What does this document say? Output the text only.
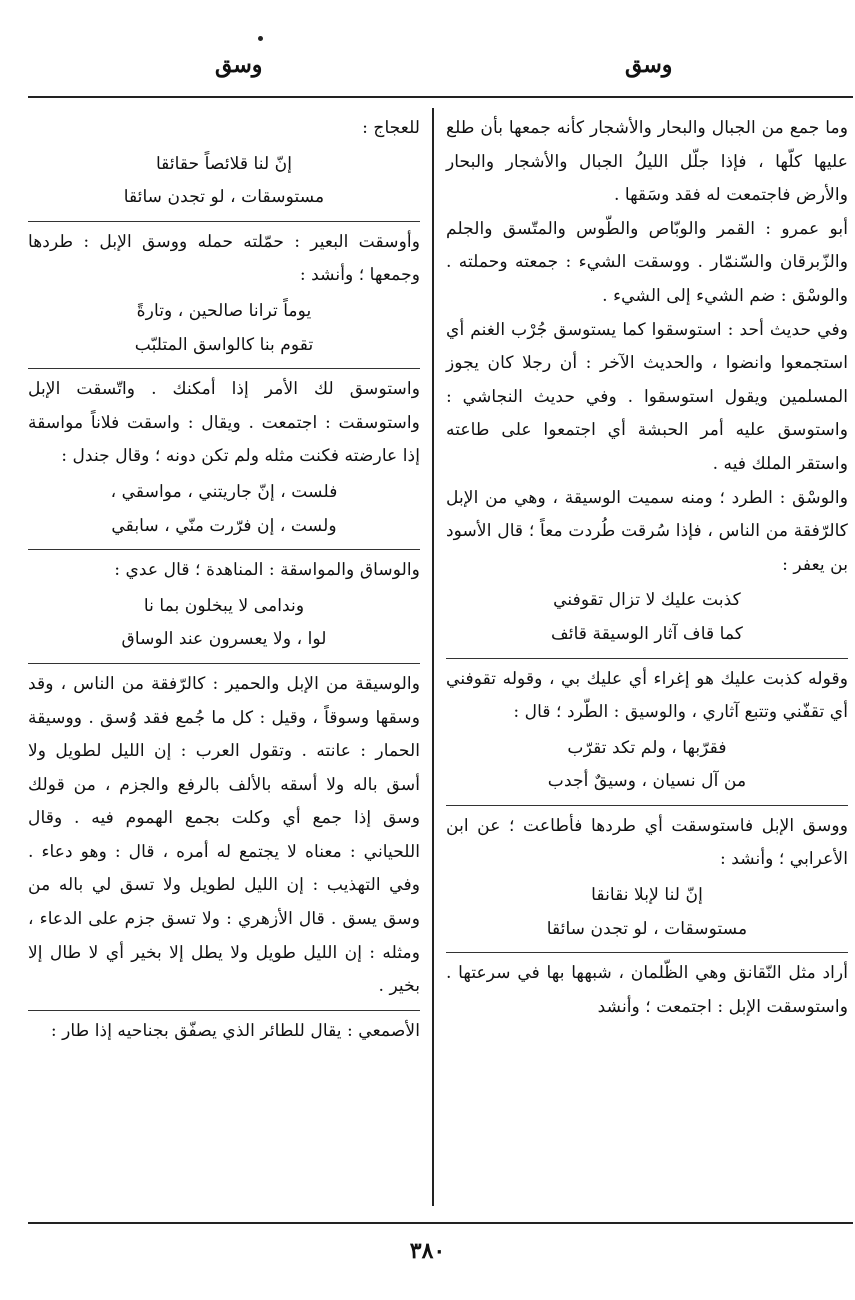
وسق
وسق

وما جمع من الجبال والبحار والأشجار كأنه جمعها بأن طلع عليها كلّها ، فإذا جلّل الليلُ الجبال والأشجار والبحار والأرض فاجتمعت له فقد وسَقها .

أبو عمرو : القمر والوبّاص والطّوس والمتّسق والجلم والزّبرقان والسّنمّار . ووسقت الشيء : جمعته وحملته . والوسْق : ضم الشيء إلى الشيء .

وفي حديث أحد : استوسقوا كما يستوسق جُرْب الغنم أي استجمعوا وانضوا ، والحديث الآخر : أن رجلا كان يجوز المسلمين ويقول استوسقوا . وفي حديث النجاشي : واستوسق عليه أمر الحبشة أي اجتمعوا على طاعته واستقر الملك فيه .

والوسْق : الطرد ؛ ومنه سميت الوسيقة ، وهي من الإبل كالرّفقة من الناس ، فإذا سُرقت طُردت معاً ؛ قال الأسود بن يعفر :

كذبت عليك لا تزال تقوفني
كما قاف آثار الوسيقة قائف

وقوله كذبت عليك هو إغراء أي عليك بي ، وقوله تقوفني أي تقفّني وتتبع آثاري ، والوسيق : الطّرد ؛ قال :

فقرّبها ، ولم تكد تقرّب
من آل نسيان ، وسيقٌ أجدب

ووسق الإبل فاستوسقت أي طردها فأطاعت ؛ عن ابن الأعرابي ؛ وأنشد :

إنّ لنا لإبلا نقانقا
مستوسقات ، لو تجدن سائقا

أراد مثل النّقانق وهي الظّلمان ، شبهها بها في سرعتها . واستوسقت الإبل : اجتمعت ؛ وأنشد

للعجاج :

إنّ لنا قلائصاً حقائقا
مستوسقات ، لو تجدن سائقا

وأوسقت البعير : حمّلته حمله ووسق الإبل : طردها وجمعها ؛ وأنشد :

يوماً ترانا صالحين ، وتارةً
تقوم بنا كالواسق المتلبّب

واستوسق لك الأمر إذا أمكنك . واتّسقت الإبل واستوسقت : اجتمعت . ويقال : واسقت فلاناً مواسقة إذا عارضته فكنت مثله ولم تكن دونه ؛ وقال جندل :

فلست ، إنّ جاريتني ، مواسقي ،
ولست ، إن فرّرت منّي ، سابقي

والوساق والمواسقة : المناهدة ؛ قال عدي :

وندامى لا يبخلون بما نا
لوا ، ولا يعسرون عند الوساق

والوسيقة من الإبل والحمير : كالرّفقة من الناس ، وقد وسقها وسوقاً ، وقيل : كل ما جُمع فقد وُسق . ووسيقة الحمار : عانته . وتقول العرب : إن الليل لطويل ولا أسق باله ولا أسقه بالألف بالرفع والجزم ، من قولك وسق إذا جمع أي وكلت بجمع الهموم فيه . وقال اللحياني : معناه لا يجتمع له أمره ، قال : وهو دعاء . وفي التهذيب : إن الليل لطويل ولا تسق لي باله من وسق يسق . قال الأزهري : ولا تسق جزم على الدعاء ، ومثله : إن الليل طويل ولا يطل إلا بخير أي لا طال إلا بخير .

الأصمعي : يقال للطائر الذي يصفّق بجناحيه إذا طار :

٣٨٠
